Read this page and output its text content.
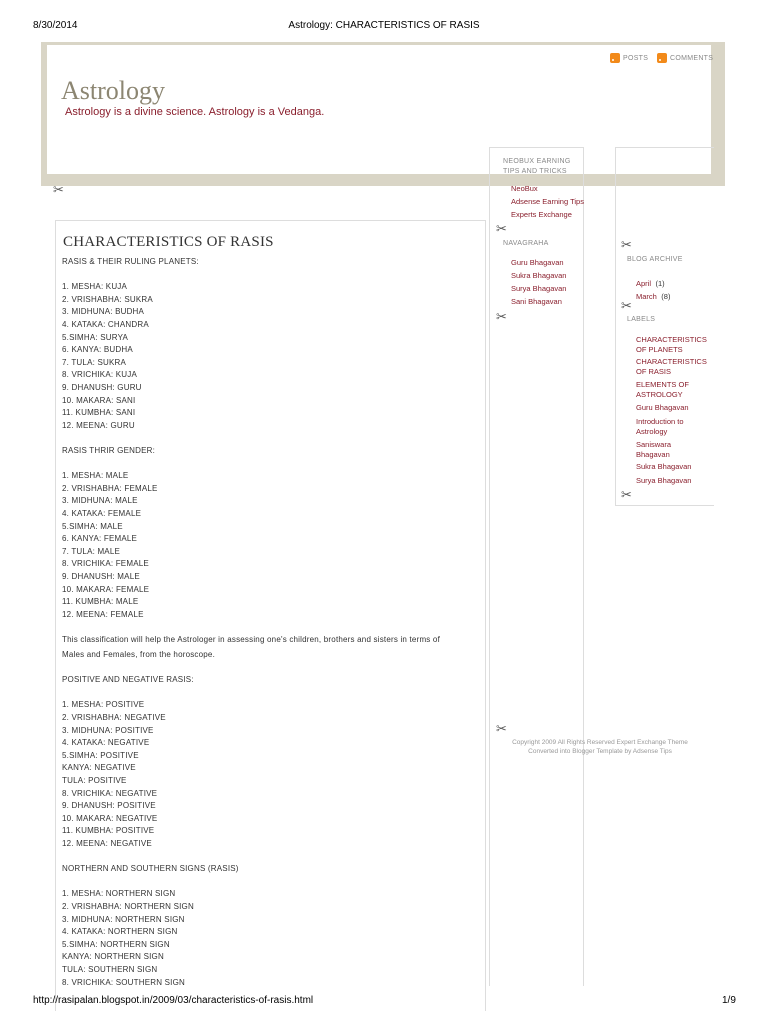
8/30/2014	Astrology: CHARACTERISTICS OF RASIS
Astrology
Astrology is a divine science. Astrology is a Vedanga.
POSTS	COMMENTS
✂
CHARACTERISTICS OF RASIS
RASIS & THEIR RULING PLANETS:
1. MESHA: KUJA
2. VRISHABHA: SUKRA
3. MIDHUNA: BUDHA
4. KATAKA: CHANDRA
5.SIMHA: SURYA
6. KANYA: BUDHA
7. TULA: SUKRA
8. VRICHIKA: KUJA
9. DHANUSH: GURU
10. MAKARA: SANI
11. KUMBHA: SANI
12. MEENA: GURU
RASIS THRIR GENDER:
1. MESHA: MALE
2. VRISHABHA: FEMALE
3. MIDHUNA: MALE
4. KATAKA: FEMALE
5.SIMHA: MALE
6. KANYA: FEMALE
7. TULA: MALE
8. VRICHIKA: FEMALE
9. DHANUSH: MALE
10. MAKARA: FEMALE
11. KUMBHA: MALE
12. MEENA: FEMALE
This classification will help the Astrologer in assessing one's children, brothers and sisters in terms of
Males and Females, from the horoscope.
POSITIVE AND NEGATIVE RASIS:
1. MESHA: POSITIVE
2. VRISHABHA: NEGATIVE
3. MIDHUNA: POSITIVE
4. KATAKA: NEGATIVE
5.SIMHA: POSITIVE
KANYA: NEGATIVE
TULA: POSITIVE
8. VRICHIKA: NEGATIVE
9. DHANUSH: POSITIVE
10. MAKARA: NEGATIVE
11. KUMBHA: POSITIVE
12. MEENA: NEGATIVE
NORTHERN AND SOUTHERN SIGNS (RASIS)
1. MESHA: NORTHERN SIGN
2. VRISHABHA: NORTHERN SIGN
3. MIDHUNA: NORTHERN SIGN
4. KATAKA: NORTHERN SIGN
5.SIMHA: NORTHERN SIGN
KANYA: NORTHERN SIGN
TULA: SOUTHERN SIGN
8. VRICHIKA: SOUTHERN SIGN
NEOBUX EARNING TIPS AND TRICKS
NeoBux
Adsense Earning Tips
Experts Exchange
✂
NAVAGRAHA
Guru Bhagavan
Sukra Bhagavan
Surya Bhagavan
Sani Bhagavan
✂
✂
Copyright 2009 All Rights Reserved Expert Exchange Theme
Converted into Blogger Template by Adsense Tips
✂
BLOG ARCHIVE
April (1)
March (8)
✂
LABELS
CHARACTERISTICS OF PLANETS
CHARACTERISTICS OF RASIS
ELEMENTS OF ASTROLOGY
Guru Bhagavan
Introduction to Astrology
Saniswara Bhagavan
Sukra Bhagavan
Surya Bhagavan
✂
http://rasipalan.blogspot.in/2009/03/characteristics-of-rasis.html	1/9
